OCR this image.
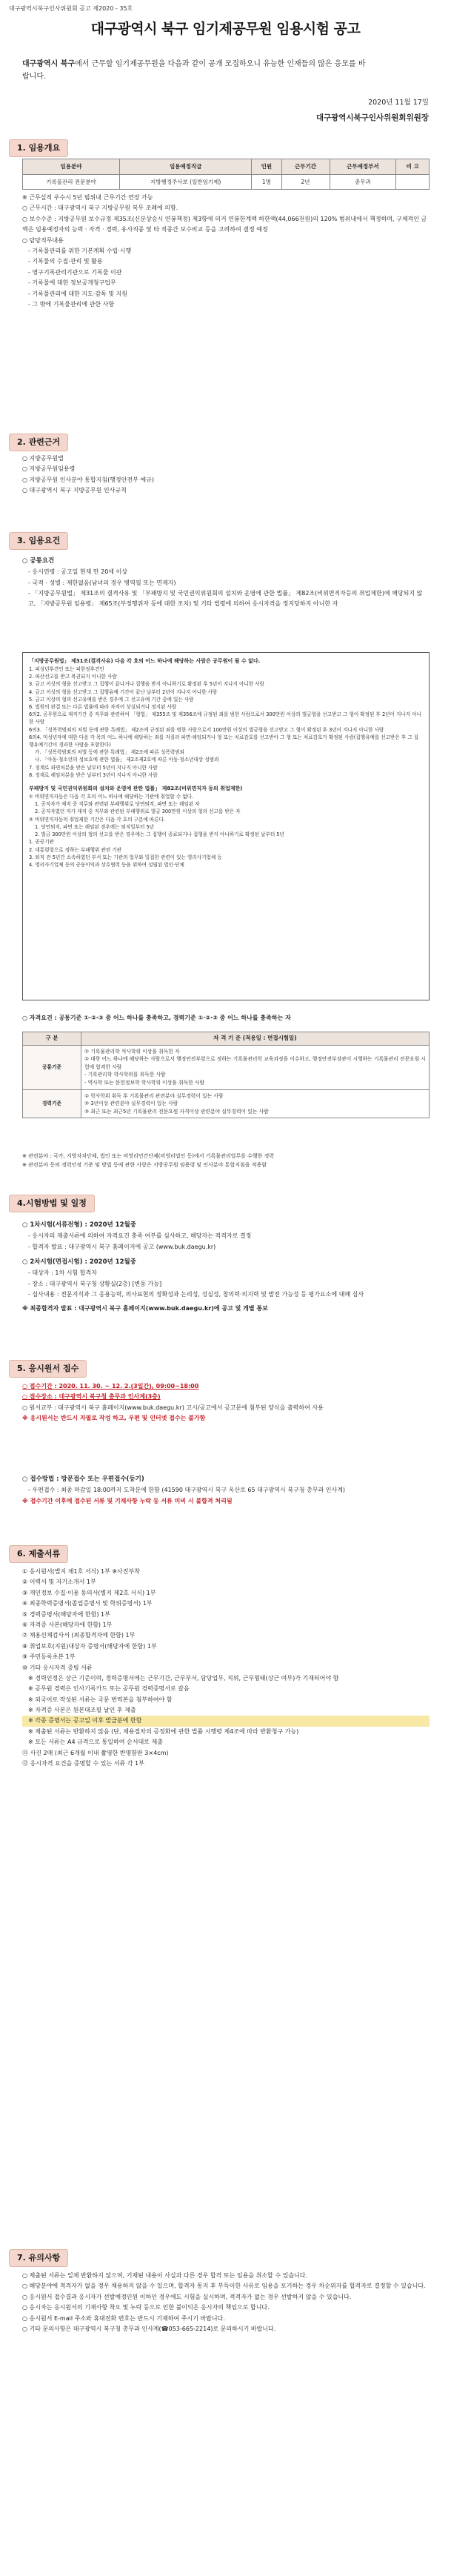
대구광역시북구인사위원회 공고 제2020 - 35호
대구광역시 북구 임기제공무원 임용시험 공고
대구광역시 북구에서 근무할 임기제공무원을 다음과 같이 공개 모집하오니 유능한 인재들의 많은 응모를 바랍니다.
2020년 11월 17일
대구광역시북구인사위원회위원장
1. 임용개요
임용분야	임용예정직급	인원	근무기간	근무예정부서	비 고
기록물관리 전문분야	지방행정주사보 (일반임기제)	1명	2년	총무과	

※ 근무실적 우수시 5년 범위내 근무기간 연장 가능

○ 근무시간 : 대구광역시 북구 지방공무원 복무 조례에 의함.

○ 보수수준 : 지방공무원 보수규정 제35조(신분상승시 연봉책정) 제3항에 의거 연봉한계액 하한액(44,066천원)의 120% 범위내에서 책정하며, 구체적인 금액은 임용예정자의 능력 · 자격 · 경력, 유사직종 및 타 직종간 보수비교 등을 고려하여 결정 예정

○ 담당직무내용

- 기록물관리를 위한 기본계획 수립·시행

- 기록물의 수집·관리 및 활용

- 영구기록관리기관으로 기록물 이관

- 기록물에 대한 정보공개청구업무

- 기록물관리에 대한 지도·감독 및 지원

- 그 밖에 기록물관리에 관한 사항

2. 관련근거

○ 지방공무원법

○ 지방공무원임용령

○ 지방공무원 인사분야 통합지침(행정안전부 예규)

○ 대구광역시 북구 지방공무원 인사규칙

3. 임용요건

○ 공통요건

- 응시연령 : 공고일 현재 만 20세 이상

- 국적 · 성별 : 제한없음(남녀의 경우 병역필 또는 면제자)

- 「지방공무원법」 제31조의 결격사유 및 「부패방지 및 국민권익위원회의 설치와 운영에 관한 법률」 제82조(비위면직자등의 취업제한)에 해당되지 않고, 「지방공무원 임용령」 제65조(부정행위자 등에 대한 조치) 및 기타 법령에 의하여 응시자격을 정지당하지 아니한 자

「지방공무원법」 제31조(결격사유) 다음 각 호의 어느 하나에 해당하는 사람은 공무원이 될 수 없다.

1. 피성년후견인 또는 피한정후견인

2. 파산선고를 받고 복권되지 아니한 사람

3. 금고 이상의 형을 선고받고 그 집행이 끝나거나 집행을 받지 아니하기로 확정된 후 5년이 지나지 아니한 사람

4. 금고 이상의 형을 선고받고 그 집행유예 기간이 끝난 날부터 2년이 지나지 아니한 사람

5. 금고 이상의 형의 선고유예를 받은 경우에 그 선고유예 기간 중에 있는 사람

6. 법원의 판결 또는 다른 법률에 따라 자격이 상실되거나 정지된 사람

6의2. 공무원으로 재직기간 중 직무와 관련하여 「형법」 제355조 및 제356조에 규정된 죄를 범한 사람으로서 300만원 이상의 벌금형을 선고받고 그 형이 확정된 후 2년이 지나지 아니한 사람

6의3. 「성폭력범죄의 처벌 등에 관한 특례법」 제2조에 규정된 죄를 범한 사람으로서 100만원 이상의 벌금형을 선고받고 그 형이 확정된 후 3년이 지나지 아니한 사람

6의4. 미성년자에 대한 다음 각 목의 어느 하나에 해당하는 죄를 저질러 파면·해임되거나 형 또는 치료감호를 선고받아 그 형 또는 치료감호가 확정된 사람(집행유예를 선고받은 후 그 집행유예기간이 경과한 사람을 포함한다)

가. 「성폭력범죄의 처벌 등에 관한 특례법」 제2조에 따른 성폭력범죄

나. 「아동·청소년의 성보호에 관한 법률」 제2조제2호에 따른 아동·청소년대상 성범죄

7. 징계로 파면처분을 받은 날부터 5년이 지나지 아니한 사람

8. 징계로 해임처분을 받은 날부터 3년이 지나지 아니한 사람

부패방지 및 국민권익위원회의 설치와 운영에 관한 법률」 제82조(비위면직자 등의 취업제한)

① 비위면직자등은 다음 각 호의 어느 하나에 해당하는 기관에 취업할 수 없다.

1. 공직자가 재직 중 직무와 관련된 부패행위로 당연퇴직, 파면 또는 해임된 자

2. 공직자였던 자가 재직 중 직무와 관련된 부패행위로 벌금 300만원 이상의 형의 선고를 받은 자

② 비위면직자등의 취업제한 기간은 다음 각 호의 구분에 따른다.

1. 당연퇴직, 파면 또는 해임된 경우에는 퇴직일부터 5년

2. 벌금 300만원 이상의 형의 선고를 받은 경우에는 그 집행이 종료되거나 집행을 받지 아니하기로 확정된 날부터 5년

1. 공공기관

2. 대통령령으로 정하는 부패행위 관련 기관

3. 퇴직 전 5년간 소속하였던 부서 또는 기관의 업무와 밀접한 관련이 있는 영리사기업체 등

4. 영리사기업체 등의 공동이익과 상호협력 등을 위하여 설립된 법인·단체

○ 자격요건 : 공통기준 ①·②·③ 중 어느 하나를 충족하고, 경력기준 ①·②·③ 중 어느 하나를 충족하는 자
구 분	자 격 기 준 (적용일 : 면접시험일)
공통기준	① 기록물관리학 석사학위 이상을 취득한 자
② 대학 어느 하나에 해당하는 사람으로서 행정안전부령으로 정하는 기록물관리학 교육과정을 이수하고, 행정안전부장관이 시행하는 기록물관리 전문요원 시험에 합격한 사람
- 기록관리학 학사학위를 취득한 사람
- 역사학 또는 문헌정보학 학사학위 이상을 취득한 사람

경력기준	① 학사학위 취득 후 기록물관리 관련분야 실무경력이 있는 사람
② 3년이상 관련분야 실무경력이 있는 사람
③ 최근 또는 최근5년 기록물관리 전문요원 자격이상 관련분야 실무경력이 있는 사람

※ 관련분야 : 국가, 지방자치단체, 법인 또는 비영리민간단체(비영리법인 등)에서 기록물관리업무를 수행한 경력

※ 관련분야 등의 경력인정 기준 및 방법 등에 관한 사항은 지방공무원 임용령 및 인사분야 통합지침을 적용함

4.시험방법 및 일정

○ 1차시험(서류전형) : 2020년 12월중

- 응시자의 제출서류에 의하여 자격요건 충족 여부를 심사하고, 해당자는 적격자로 결정

- 합격자 발표 : 대구광역시 북구 홈페이지에 공고 (www.buk.daegu.kr)

○ 2차시험(면접시험) : 2020년 12월중

- 대상자 : 1차 시험 합격자

- 장소 : 대구광역시 북구청 상황실(2층) [변동 가능]

- 심사내용 : 전문지식과 그 응용능력, 의사표현의 정확성과 논리성, 성실성, 창의력·의지력 및 발전 가능성 등 평가요소에 대해 심사

※ 최종합격자 발표 : 대구광역시 북구 홈페이지(www.buk.daegu.kr)에 공고 및 개별 통보

5. 응시원서 접수

○ 접수기간 : 2020. 11. 30. ~ 12. 2.(3일간), 09:00~18:00

○ 접수장소 : 대구광역시 북구청 총무과 인사계(3층)

○ 원서교부 : 대구광역시 북구 홈페이지(www.buk.daegu.kr) 고시/공고에서 공고문에 첨부된 양식을 출력하여 사용

※ 응시원서는 반드시 자필로 작성 하고, 우편 및 인터넷 접수는 불가함

○ 접수방법 : 방문접수 또는 우편접수(등기)

- 우편접수 : 최종 마감일 18:00까지 도착분에 한함 (41590 대구광역시 북구 옥산로 65 대구광역시 북구청 총무과 인사계)

※ 접수기간 이후에 접수된 서류 및 기재사항 누락 등 서류 미비 시 불합격 처리됨

6. 제출서류

① 응시원서(별지 제1호 서식) 1부 ※사진부착

② 이력서 및 자기소개서 1부

③ 개인정보 수집·이용 동의서(별지 제2호 서식) 1부

④ 최종학력증명서(졸업증명서 및 학위증명서) 1부

⑤ 경력증명서(해당자에 한함) 1부

⑥ 자격증 사본(해당자에 한함) 1부

⑦ 채용신체검사서 (최종합격자에 한함) 1부

⑧ 취업보호(지원)대상자 증명서(해당자에 한함) 1부

⑨ 주민등록초본 1부

⑩ 기타 응시자격 증빙 서류

※ 경력인정은 상근 기준이며, 경력증명서에는 근무기간, 근무부서, 담당업무, 직위, 근무형태(상근 여부)가 기재되어야 함

※ 공무원 경력은 인사기록카드 또는 공무원 경력증명서로 갈음

※ 외국어로 작성된 서류는 국문 번역본을 첨부하여야 함

※ 자격증 사본은 원본대조필 날인 후 제출

※ 각종 증명서는 공고일 이후 발급분에 한함

※ 제출된 서류는 반환하지 않음 (단, 채용절차의 공정화에 관한 법률 시행령 제4조에 따라 반환청구 가능)

※ 모든 서류는 A4 규격으로 통일하여 순서대로 제출

⑪ 사진 2매 (최근 6개월 이내 촬영한 반명함판 3×4cm)

⑫ 응시자격 요건을 증명할 수 있는 서류 각 1부

7. 유의사항

○ 제출된 서류는 일체 반환하지 않으며, 기재된 내용이 사실과 다른 경우 합격 또는 임용을 취소할 수 있습니다.

○ 해당분야에 적격자가 없을 경우 채용하지 않을 수 있으며, 합격자 통지 후 부득이한 사유로 임용을 포기하는 경우 차순위자를 합격자로 결정할 수 있습니다.

○ 응시원서 접수결과 응시자가 선발예정인원 이하인 경우에도 시험을 실시하며, 적격자가 없는 경우 선발하지 않을 수 있습니다.

○ 응시자는 응시원서의 기재사항 착오 및 누락 등으로 인한 불이익은 응시자의 책임으로 합니다.

○ 응시원서 E-mail 주소와 휴대전화 번호는 반드시 기재하여 주시기 바랍니다.

○ 기타 문의사항은 대구광역시 북구청 총무과 인사계(☎053-665-2214)로 문의하시기 바랍니다.
